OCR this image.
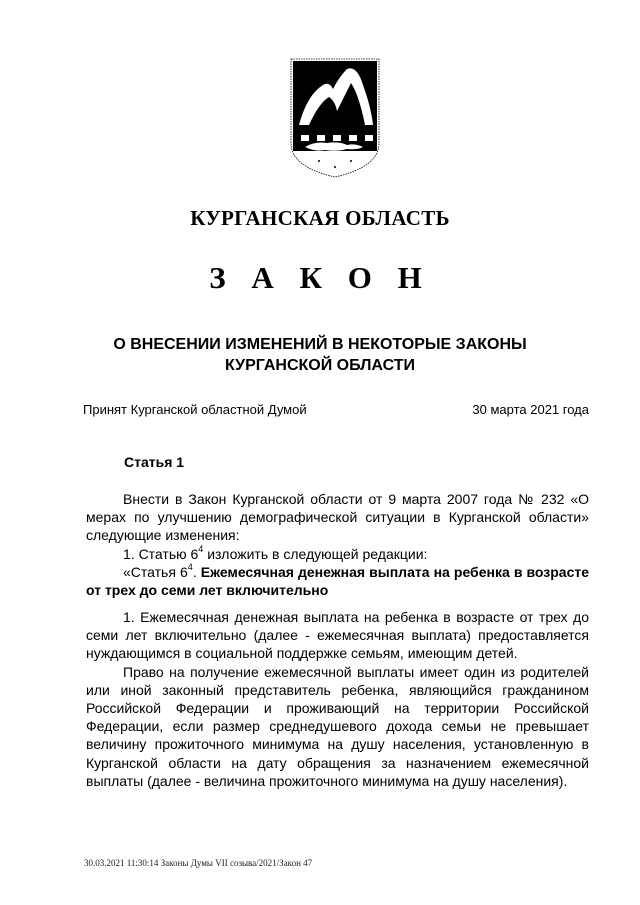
КУРГАНСКАЯ ОБЛАСТЬ
З А К О Н
О ВНЕСЕНИИ ИЗМЕНЕНИЙ В НЕКОТОРЫЕ ЗАКОНЫ
КУРГАНСКОЙ ОБЛАСТИ
Принят Курганской областной Думой	30 марта 2021 года
Статья 1

Внести в Закон Курганской области от 9 марта 2007 года № 232 «О мерах по улучшению демографической ситуации в Курганской области» следующие изменения:

1. Статью $6^4$ изложить в следующей редакции:

«Статья $6^4$. Ежемесячная денежная выплата на ребенка в возрасте от трех до семи лет включительно

1. Ежемесячная денежная выплата на ребенка в возрасте от трех до семи лет включительно (далее - ежемесячная выплата) предоставляется нуждающимся в социальной поддержке семьям, имеющим детей.

Право на получение ежемесячной выплаты имеет один из родителей или иной законный представитель ребенка, являющийся гражданином Российской Федерации и проживающий на территории Российской Федерации, если размер среднедушевого дохода семьи не превышает величину прожиточного минимума на душу населения, установленную в Курганской области на дату обращения за назначением ежемесячной выплаты (далее - величина прожиточного минимума на душу населения).

30.03.2021 11:30:14 Законы Думы VII созыва/2021/Закон 47
